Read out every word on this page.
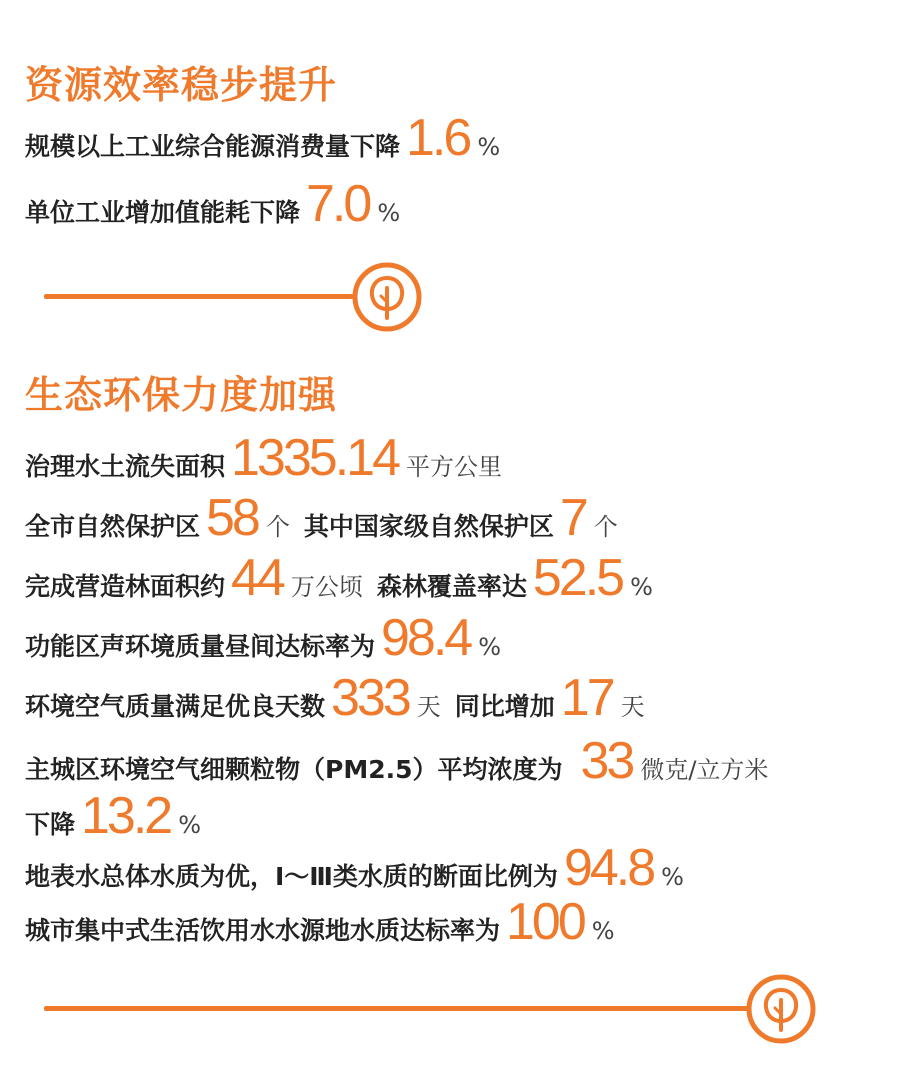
资源效率稳步提升
规模以上工业综合能源消费量下降 1.6 %
单位工业增加值能耗下降 7.0 %
生态环保力度加强
治理水土流失面积 1335.14 平方公里
全市自然保护区 58 个 其中国家级自然保护区 7 个
完成营造林面积约 44 万公顷 森林覆盖率达 52.5 %
功能区声环境质量昼间达标率为 98.4 %
环境空气质量满足优良天数 333 天 同比增加 17 天
主城区环境空气细颗粒物（PM2.5）平均浓度为 33 微克/立方米
下降 13.2 %
地表水总体水质为优，Ⅰ～Ⅲ类水质的断面比例为 94.8 %
城市集中式生活饮用水水源地水质达标率为 100 %
